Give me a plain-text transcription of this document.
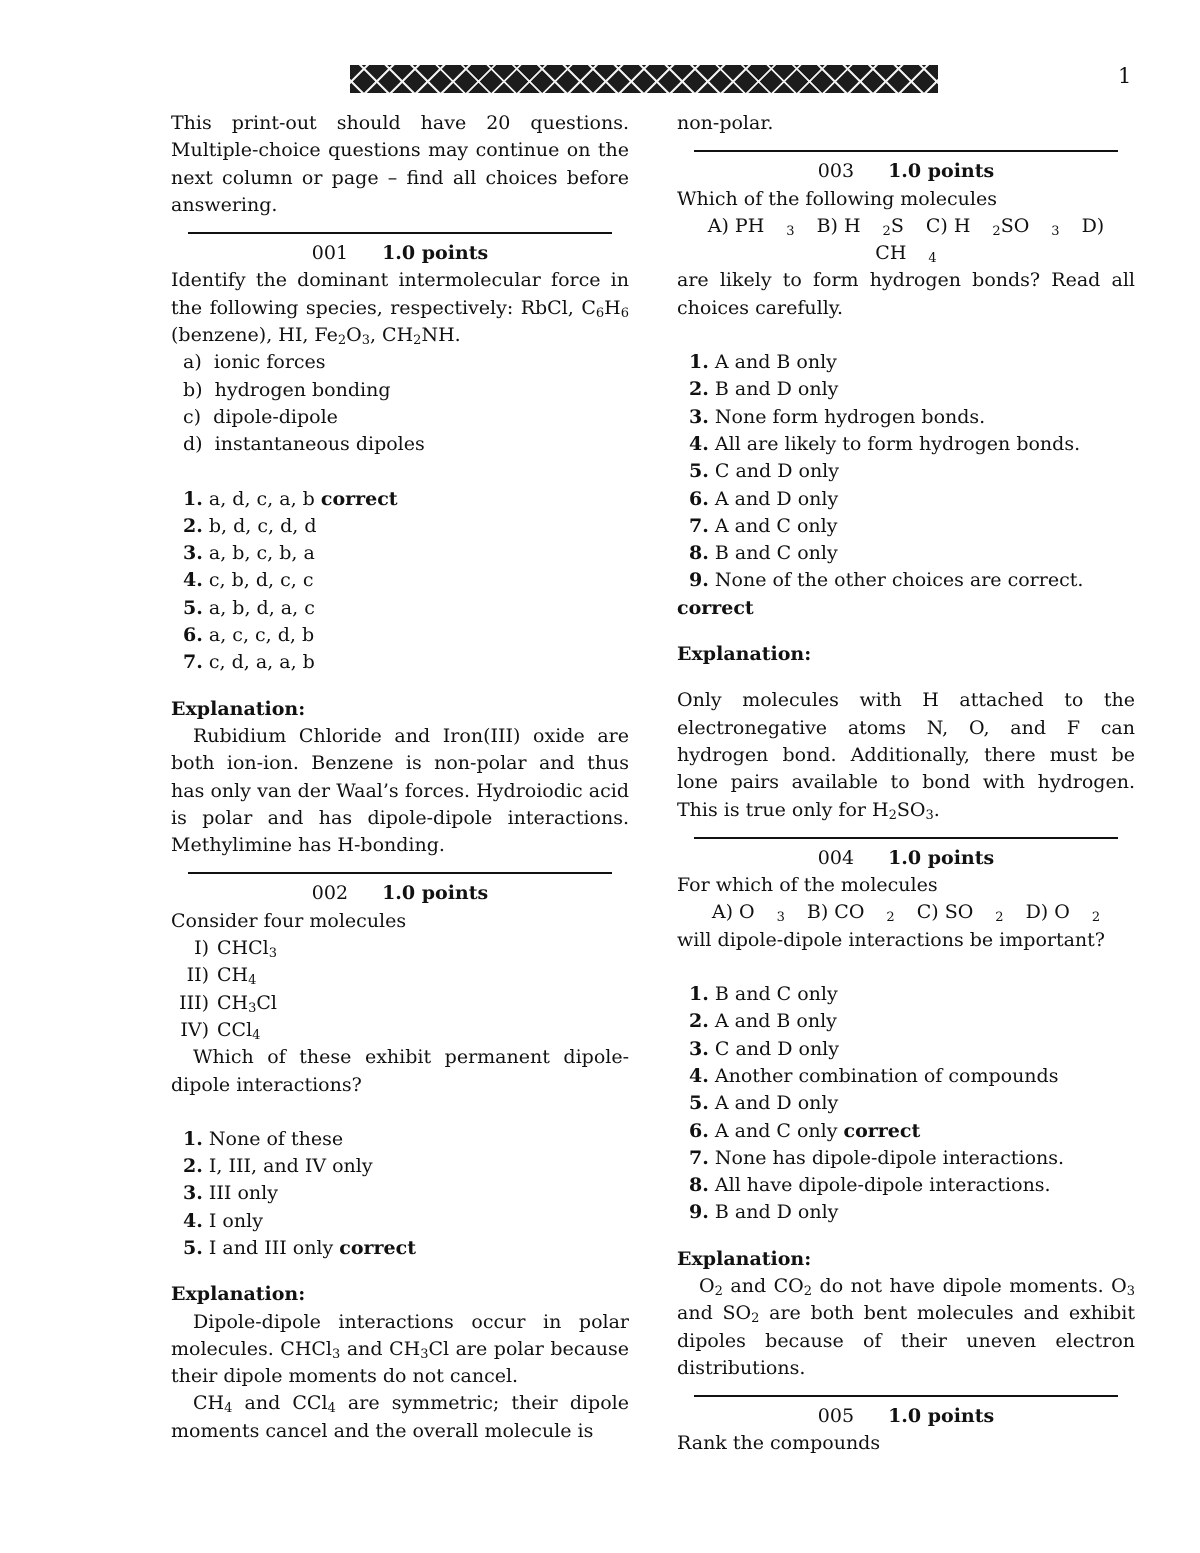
1

This print-out should have 20 questions. Multiple-choice questions may continue on the next column or page – find all choices before answering.

001 1.0 points

Identify the dominant intermolecular force in the following species, respectively: RbCl, $C_6H_6$ (benzene), HI, $Fe_2O_3$, $CH_2NH$.

a) ionic forces

b) hydrogen bonding

c) dipole-dipole

d) instantaneous dipoles

1. a, d, c, a, b correct

2. b, d, c, d, d

3. a, b, c, b, a

4. c, b, d, c, c

5. a, b, d, a, c

6. a, c, c, d, b

7. c, d, a, a, b

Explanation:

Rubidium Chloride and Iron(III) oxide are both ion-ion. Benzene is non-polar and thus has only van der Waal’s forces. Hydroiodic acid is polar and has dipole-dipole interactions. Methylimine has H-bonding.

002 1.0 points

Consider four molecules

I) CHCl$_3$
II) $CH_4$
III) $CH_3Cl$
IV) CCl$_4$

Which of these exhibit permanent dipole-dipole interactions?

1. None of these

2. I, III, and IV only

3. III only

4. I only

5. I and III only correct

Explanation:

Dipole-dipole interactions occur in polar molecules. CHCl$_3$ and $CH_3Cl$ are polar because their dipole moments do not cancel.

$CH_4$ and CCl$_4$ are symmetric; their dipole moments cancel and the overall molecule is

non-polar.

003 1.0 points

Which of the following molecules

A) PH $_3$ B) H $_2$S C) H $_2$SO $_3$ D) CH $_4$

are likely to form hydrogen bonds? Read all choices carefully.

1. A and B only

2. B and D only

3. None form hydrogen bonds.

4. All are likely to form hydrogen bonds.

5. C and D only

6. A and D only

7. A and C only

8. B and C only

9. None of the other choices are correct.

correct

Explanation:

Only molecules with H attached to the electronegative atoms N, O, and F can hydrogen bond. Additionally, there must be lone pairs available to bond with hydrogen. This is true only for $H_2SO_3$.

004 1.0 points

For which of the molecules

A) O $_3$ B) CO $_2$ C) SO $_2$ D) O $_2$

will dipole-dipole interactions be important?

1. B and C only

2. A and B only

3. C and D only

4. Another combination of compounds

5. A and D only

6. A and C only correct

7. None has dipole-dipole interactions.

8. All have dipole-dipole interactions.

9. B and D only

Explanation:

$O_2$ and $CO_2$ do not have dipole moments. $O_3$ and $SO_2$ are both bent molecules and exhibit dipoles because of their uneven electron distributions.

005 1.0 points

Rank the compounds
